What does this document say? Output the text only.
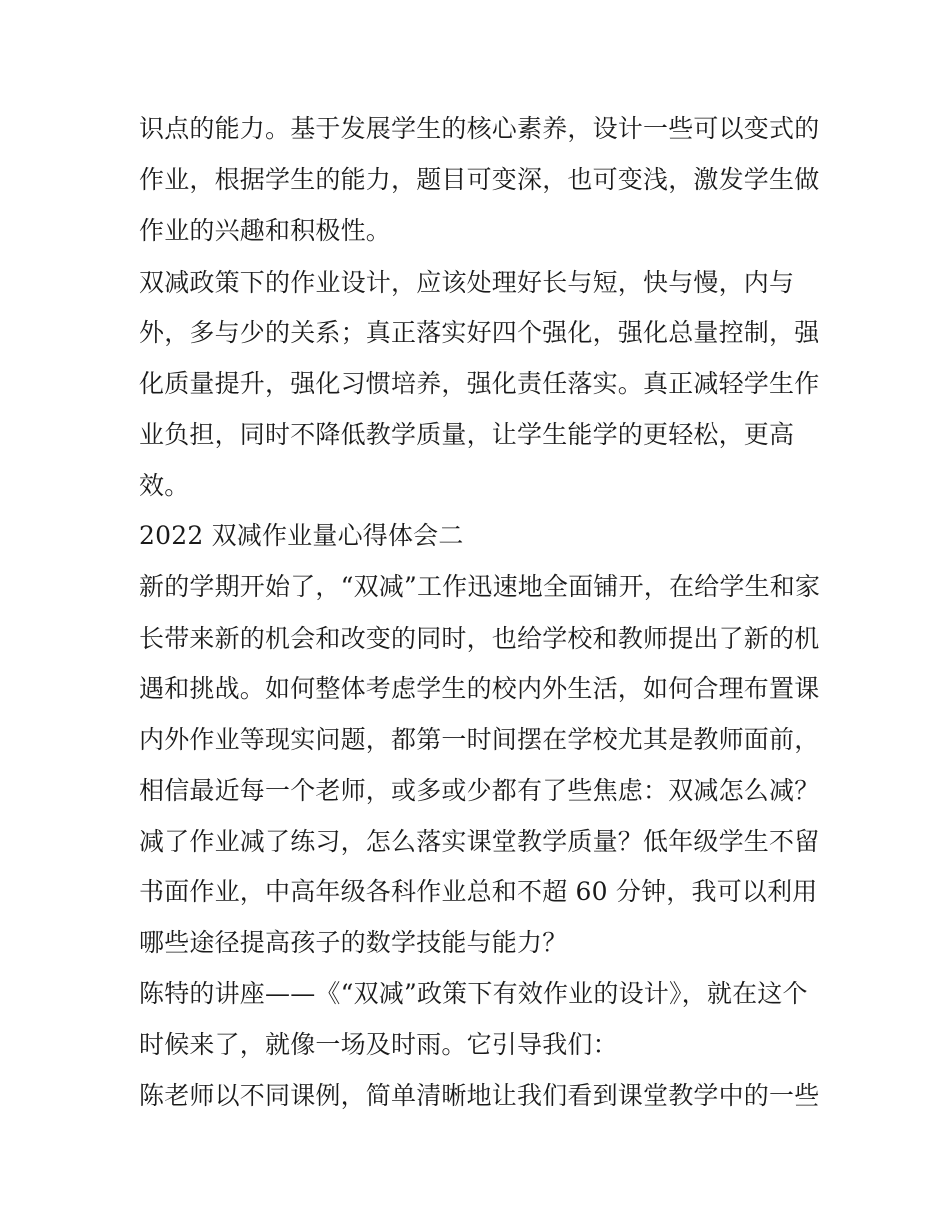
识点的能力。基于发展学生的核心素养，设计一些可以变式的
作业，根据学生的能力，题目可变深，也可变浅，激发学生做
作业的兴趣和积极性。
双减政策下的作业设计，应该处理好长与短，快与慢，内与
外，多与少的关系；真正落实好四个强化，强化总量控制，强
化质量提升，强化习惯培养，强化责任落实。真正减轻学生作
业负担，同时不降低教学质量，让学生能学的更轻松，更高
效。
2022 双减作业量心得体会二
新的学期开始了，“双减”工作迅速地全面铺开，在给学生和家
长带来新的机会和改变的同时，也给学校和教师提出了新的机
遇和挑战。如何整体考虑学生的校内外生活，如何合理布置课
内外作业等现实问题，都第一时间摆在学校尤其是教师面前，
相信最近每一个老师，或多或少都有了些焦虑：双减怎么减？
减了作业减了练习，怎么落实课堂教学质量？低年级学生不留
书面作业，中高年级各科作业总和不超 60 分钟，我可以利用
哪些途径提高孩子的数学技能与能力？
陈特的讲座——《“双减”政策下有效作业的设计》，就在这个
时候来了，就像一场及时雨。它引导我们：
陈老师以不同课例，简单清晰地让我们看到课堂教学中的一些
